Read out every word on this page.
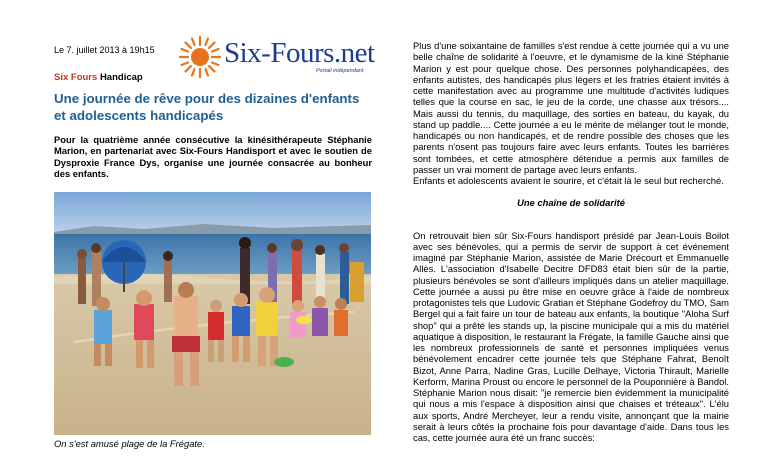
Le 7. juillet 2013 à 19h15 Six-Fours.net
Portail indépendant
Six Fours Handicap
Une journée de rêve pour des dizaines d'enfants et adolescents handicapés
Pour la quatrième année consécutive la kinésithérapeute Stéphanie Marion, en partenariat avec Six-Fours Handisport et avec le soutien de Dysproxie France Dys, organise une journée consacrée au bonheur des enfants.
On s'est amusé plage de la Frégate.

Plus d'une soixantaine de familles s'est rendue à cette journée qui a vu une belle chaîne de solidarité à l'oeuvre, et le dynamisme de la kiné Stéphanie Marion y est pour quelque chose. Des personnes polyhandicapées, des enfants autistes, des handicapés plus légers et les fratries étaient invités à cette manifestation avec au programme une multitude d'activités ludiques telles que la course en sac, le jeu de la corde, une chasse aux trésors.... Mais aussi du tennis, du maquillage, des sorties en bateau, du kayak, du stand up paddle.... Cette journée a eu le mérite de mélanger tout le monde, handicapés ou non handicapés, et de rendre possible des choses que les parents n'osent pas toujours faire avec leurs enfants. Toutes les barrières sont tombées, et cette atmosphère détendue a permis aux familles de passer un vrai moment de partage avec leurs enfants.

Enfants et adolescents avaient le sourire, et c'était là le seul but recherché.

Une chaîne de solidarité

On retrouvait bien sûr Six-Fours handisport présidé par Jean-Louis Boilot avec ses bénévoles, qui a permis de servir de support à cet événement imaginé par Stéphanie Marion, assistée de Marie Drécourt et Emmanuelle Allès. L'association d'Isabelle Decitre DFD83 était bien sûr de la partie, plusieurs bénévoles se sont d'ailleurs impliqués dans un atelier maquillage. Cette journée a aussi pu être mise en oeuvre grâce à l'aide de nombreux protagonistes tels que Ludovic Gratian et Stéphane Godefroy du TMO, Sam Bergel qui a fait faire un tour de bateau aux enfants, la boutique "Aloha Surf shop" qui a prêté les stands up, la piscine municipale qui a mis du matériel aquatique à disposition, le restaurant la Frégate, la famille Gauche ainsi que les nombreux professionnels de santé et personnes impliquées venus bénévolement encadrer cette journée tels que Stéphane Fahrat, Benoît Bizot, Anne Parra, Nadine Gras, Lucille Delhaye, Victoria Thirault, Marielle Kerform, Marina Proust ou encore le personnel de la Pouponnière à Bandol. Stéphanie Marion nous disait: "je remercie bien évidemment la municipalité qui nous a mis l'espace à disposition ainsi que chaises et tréteaux". L'élu aux sports, André Mercheyer, leur a rendu visite, annonçant que la mairie serait à leurs côtés la prochaine fois pour davantage d'aide. Dans tous les cas, cette journée aura été un franc succès:
